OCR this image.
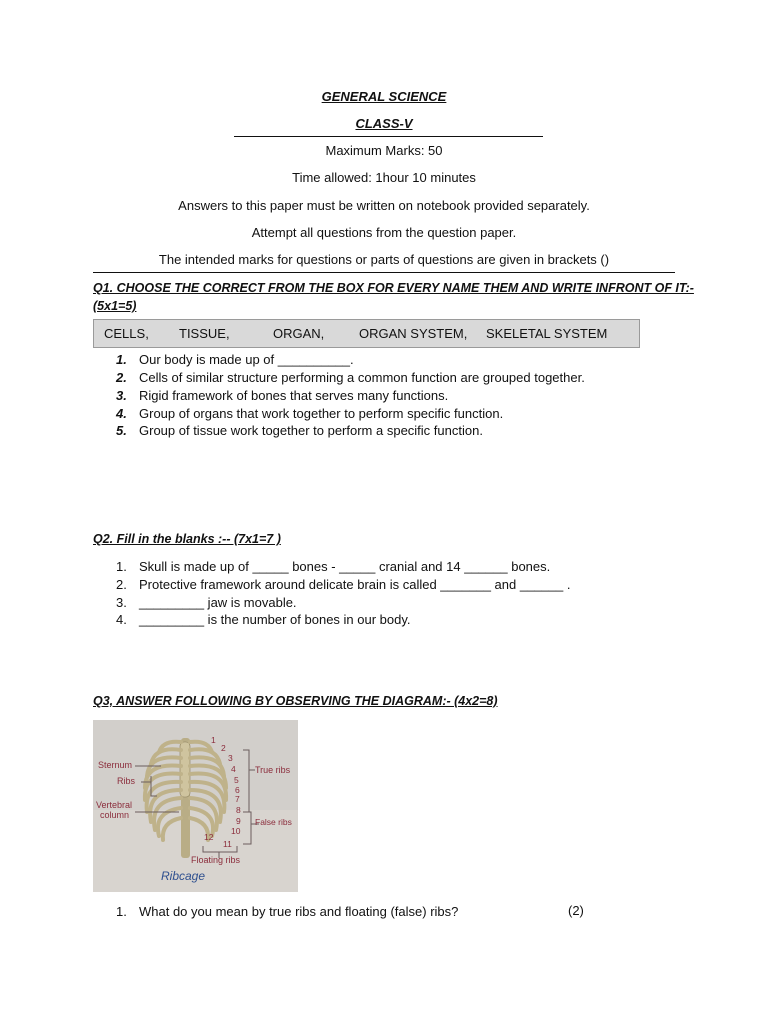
GENERAL SCIENCE
CLASS-V
Maximum Marks: 50
Time allowed: 1hour 10 minutes
Answers to this paper must be written on notebook provided separately.
Attempt all questions from the question paper.
The intended marks for questions or parts of questions are given in brackets ()
Q1. CHOOSE THE CORRECT FROM THE BOX FOR EVERY NAME THEM AND WRITE INFRONT OF IT:-
(5x1=5)
CELLS, TISSUE,	ORGAN,	ORGAN SYSTEM, SKELETAL SYSTEM
1. Our body is made up of __________.
2. Cells of similar structure performing a common function are grouped together.
3. Rigid framework of bones that serves many functions.
4. Group of organs that work together to perform specific function.
5. Group of tissue work together to perform a specific function.
Q2. Fill in the blanks :-- (7x1=7 )
1. Skull is made up of _____ bones - _____ cranial and 14 ______ bones.
2. Protective framework around delicate brain is called _______ and ______ .
3. _________ jaw is movable.
4. _________ is the number of bones in our body.
Q3, ANSWER FOLLOWING BY OBSERVING THE DIAGRAM:- (4x2=8)
Sternum
Ribs
Vertebral
column
True ribs
False ribs
Floating ribs
Ribcage
1
2
3
4
5
6
7
8
9
10
11
12
1. What do you mean by true ribs and floating (false) ribs?	(2)
